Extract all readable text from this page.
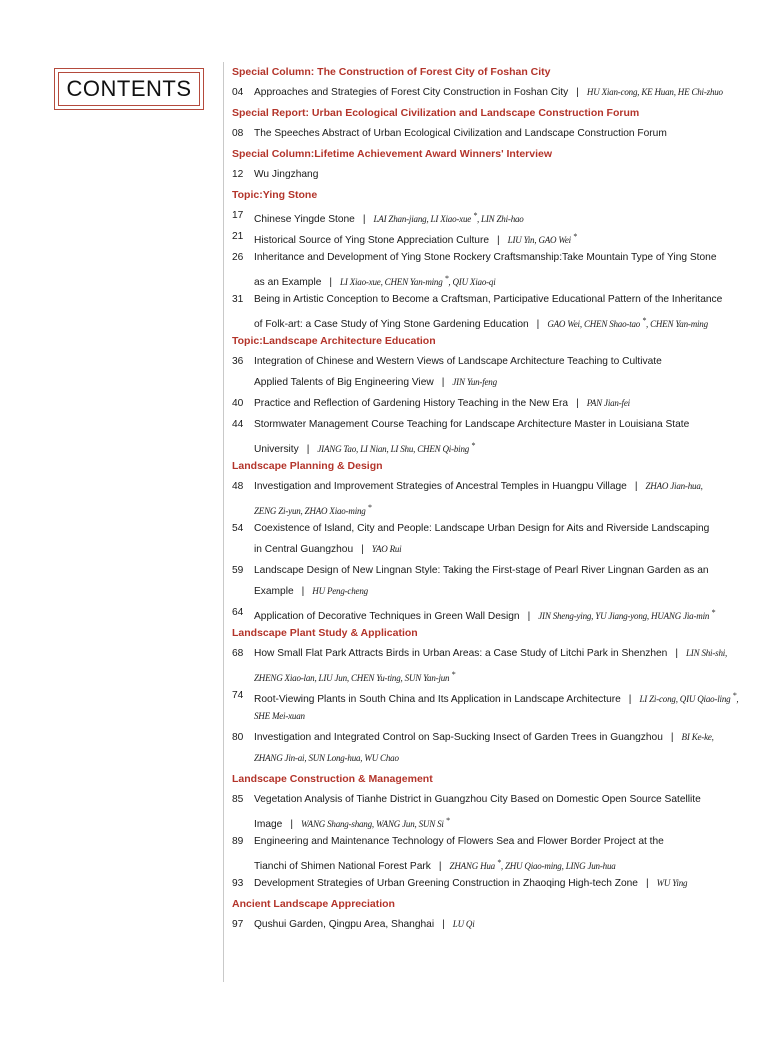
CONTENTS
Special Column: The Construction of Forest City of Foshan City
04	Approaches and Strategies of Forest City Construction in Foshan City | HU Xian-cong, KE Huan, HE Chi-zhuo
Special Report: Urban Ecological Civilization and Landscape Construction Forum
08	The Speeches Abstract of Urban Ecological Civilization and Landscape Construction Forum
Special Column:Lifetime Achievement Award Winners' Interview
12	Wu Jingzhang
Topic:Ying Stone
17	Chinese Yingde Stone | LAI Zhan-jiang, LI Xiao-xue *, LIN Zhi-hao
21	Historical Source of Ying Stone Appreciation Culture | LIU Yin, GAO Wei *
26	Inheritance and Development of Ying Stone Rockery Craftsmanship:Take Mountain Type of Ying Stone
as an Example | LI Xiao-xue, CHEN Yan-ming *, QIU Xiao-qi
31	Being in Artistic Conception to Become a Craftsman, Participative Educational Pattern of the Inheritance
of Folk-art: a Case Study of Ying Stone Gardening Education | GAO Wei, CHEN Shao-tao *, CHEN Yan-ming
Topic:Landscape Architecture Education
36	Integration of Chinese and Western Views of Landscape Architecture Teaching to Cultivate
Applied Talents of Big Engineering View | JIN Yun-feng
40	Practice and Reflection of Gardening History Teaching in the New Era | PAN Jian-fei
44	Stormwater Management Course Teaching for Landscape Architecture Master in Louisiana State
University | JIANG Tao, LI Nian, LI Shu, CHEN Qi-bing *
Landscape Planning & Design
48	Investigation and Improvement Strategies of Ancestral Temples in Huangpu Village | ZHAO Jian-hua,
ZENG Zi-yun, ZHAO Xiao-ming *
54	Coexistence of Island, City and People: Landscape Urban Design for Aits and Riverside Landscaping
in Central Guangzhou | YAO Rui
59	Landscape Design of New Lingnan Style: Taking the First-stage of Pearl River Lingnan Garden as an
Example | HU Peng-cheng
64	Application of Decorative Techniques in Green Wall Design | JIN Sheng-ying, YU Jiang-yong, HUANG Jia-min *
Landscape Plant Study & Application
68	How Small Flat Park Attracts Birds in Urban Areas: a Case Study of Litchi Park in Shenzhen | LIN Shi-shi,
ZHENG Xiao-lan, LIU Jun, CHEN Yu-ting, SUN Yan-jun *
74	Root-Viewing Plants in South China and Its Application in Landscape Architecture | LI Zi-cong, QIU Qiao-ling *,
SHE Mei-xuan
80	Investigation and Integrated Control on Sap-Sucking Insect of Garden Trees in Guangzhou | BI Ke-ke,
ZHANG Jin-ai, SUN Long-hua, WU Chao
Landscape Construction & Management
85	Vegetation Analysis of Tianhe District in Guangzhou City Based on Domestic Open Source Satellite
Image | WANG Shang-shang, WANG Jun, SUN Si *
89	Engineering and Maintenance Technology of Flowers Sea and Flower Border Project at the
Tianchi of Shimen National Forest Park | ZHANG Hua *, ZHU Qiao-ming, LING Jun-hua
93	Development Strategies of Urban Greening Construction in Zhaoqing High-tech Zone | WU Ying
Ancient Landscape Appreciation
97	Qushui Garden, Qingpu Area, Shanghai | LU Qi
